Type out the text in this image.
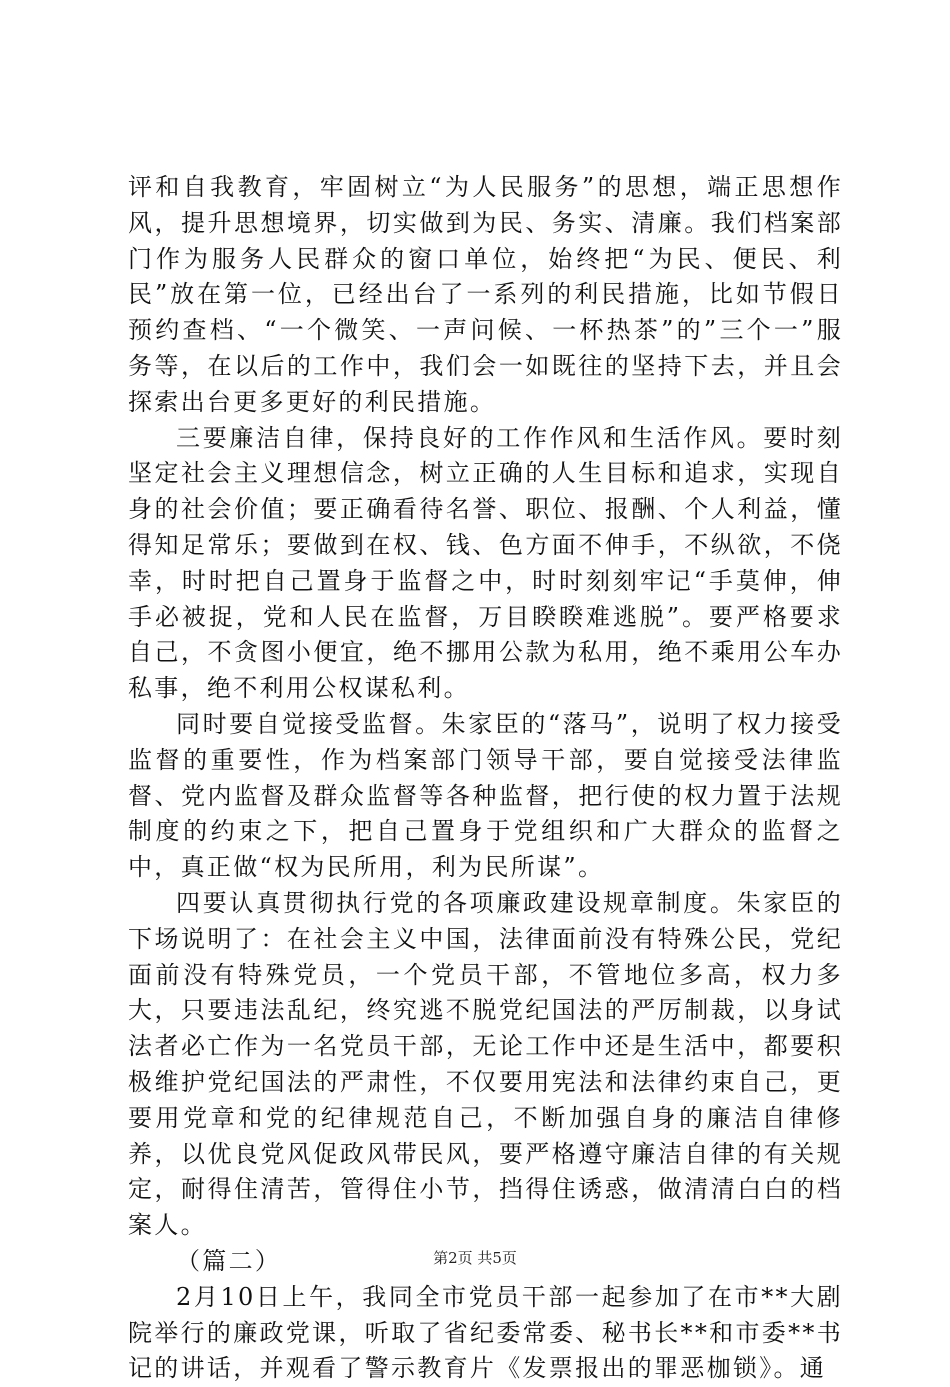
评和自我教育，牢固树立“为人民服务”的思想，端正思想作风，提升思想境界，切实做到为民、务实、清廉。我们档案部门作为服务人民群众的窗口单位，始终把“为民、便民、利民”放在第一位，已经出台了一系列的利民措施，比如节假日预约查档、“一个微笑、一声问候、一杯热茶”的”三个一”服务等，在以后的工作中，我们会一如既往的坚持下去，并且会探索出台更多更好的利民措施。

三要廉洁自律，保持良好的工作作风和生活作风。要时刻坚定社会主义理想信念，树立正确的人生目标和追求，实现自身的社会价值；要正确看待名誉、职位、报酬、个人利益，懂得知足常乐；要做到在权、钱、色方面不伸手，不纵欲，不侥幸，时时把自己置身于监督之中，时时刻刻牢记“手莫伸，伸手必被捉，党和人民在监督，万目睽睽难逃脱”。要严格要求自己，不贪图小便宜，绝不挪用公款为私用，绝不乘用公车办私事，绝不利用公权谋私利。

同时要自觉接受监督。朱家臣的“落马”，说明了权力接受监督的重要性，作为档案部门领导干部，要自觉接受法律监督、党内监督及群众监督等各种监督，把行使的权力置于法规制度的约束之下，把自己置身于党组织和广大群众的监督之中，真正做“权为民所用，利为民所谋”。

四要认真贯彻执行党的各项廉政建设规章制度。朱家臣的下场说明了：在社会主义中国，法律面前没有特殊公民，党纪面前没有特殊党员，一个党员干部，不管地位多高，权力多大，只要违法乱纪，终究逃不脱党纪国法的严厉制裁，以身试法者必亡作为一名党员干部，无论工作中还是生活中，都要积极维护党纪国法的严肃性，不仅要用宪法和法律约束自己，更要用党章和党的纪律规范自己，不断加强自身的廉洁自律修养，以优良党风促政风带民风，要严格遵守廉洁自律的有关规定，耐得住清苦，管得住小节，挡得住诱惑，做清清白白的档案人。

（篇二）

2月10日上午，我同全市党员干部一起参加了在市**大剧院举行的廉政党课，听取了省纪委常委、秘书长**和市委**书记的讲话，并观看了警示教育片《发票报出的罪恶枷锁》。通

第2页 共5页
